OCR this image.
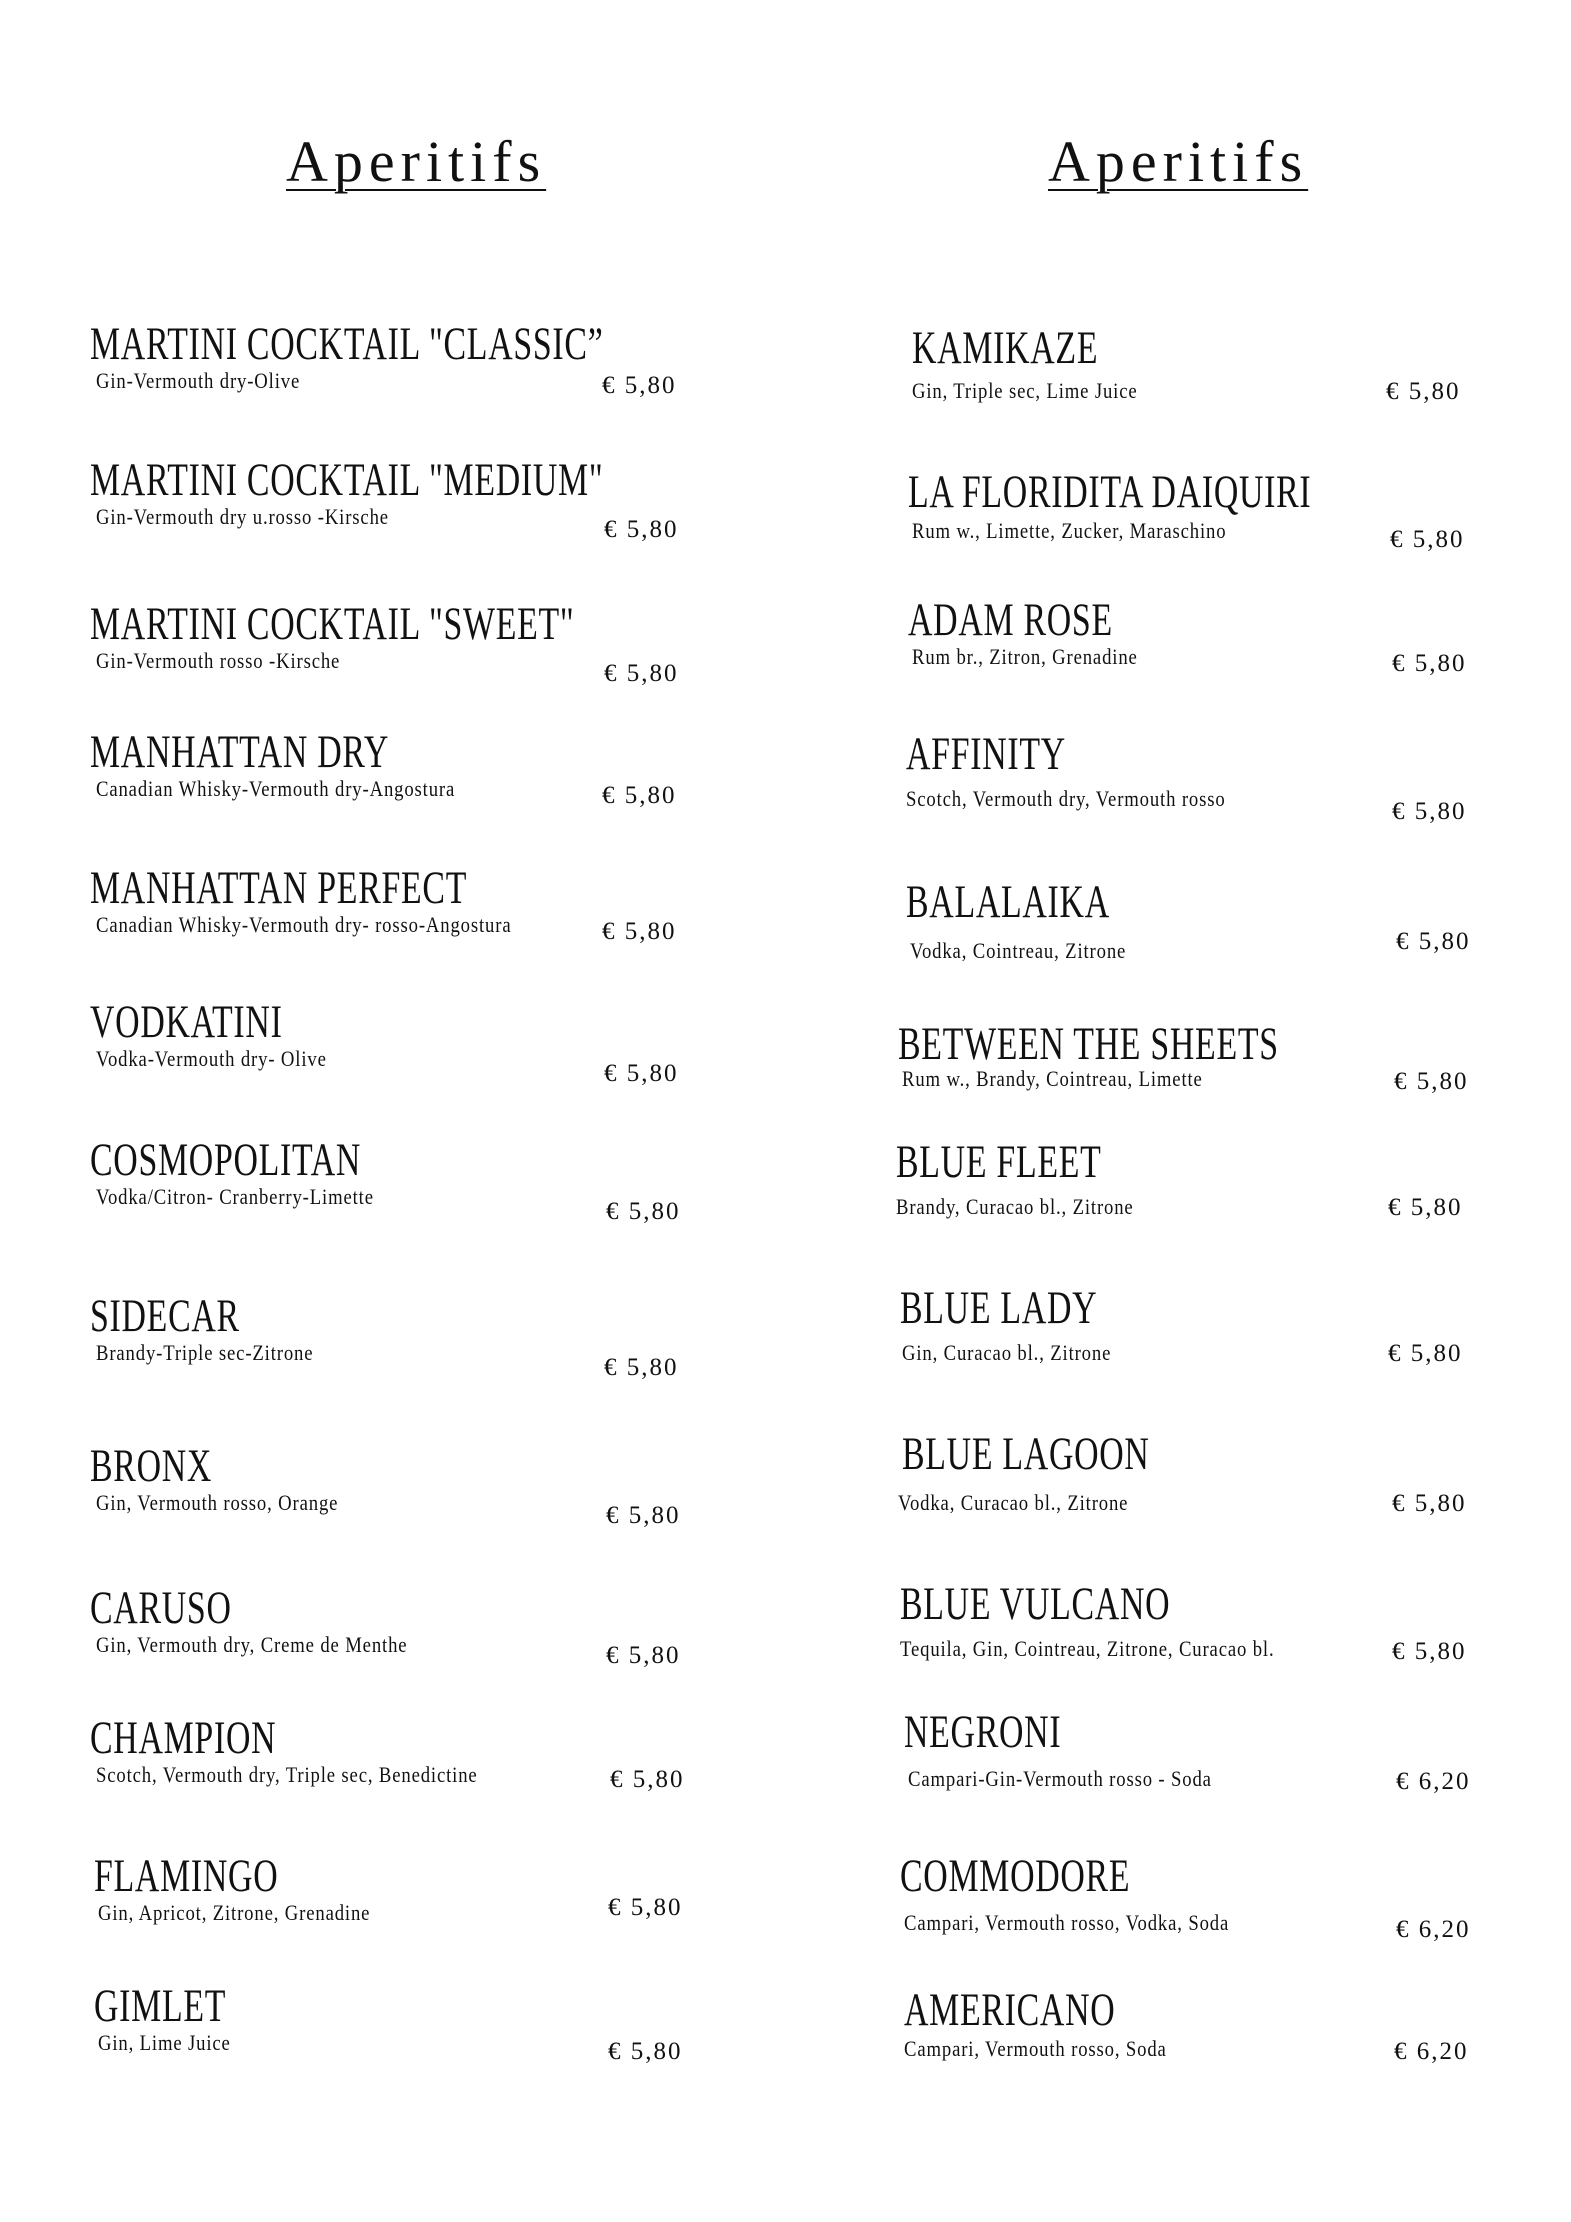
Aperitifs
MARTINI COCKTAIL "CLASSIC”
Gin-Vermouth dry-Olive	€ 5,80
MARTINI COCKTAIL "MEDIUM"
Gin-Vermouth dry u.rosso -Kirsche	€ 5,80
MARTINI COCKTAIL "SWEET"
Gin-Vermouth rosso -Kirsche	€ 5,80
MANHATTAN DRY
Canadian Whisky-Vermouth dry-Angostura	€ 5,80
MANHATTAN PERFECT
Canadian Whisky-Vermouth dry- rosso-Angostura	€ 5,80
VODKATINI
Vodka-Vermouth dry- Olive
€ 5,80
COSMOPOLITAN
Vodka/Citron- Cranberry-Limette
€ 5,80
SIDECAR
Brandy-Triple sec-Zitrone
€ 5,80
BRONX
Gin, Vermouth rosso, Orange	€ 5,80
CARUSO
Gin, Vermouth dry, Creme de Menthe	€ 5,80
CHAMPION
Scotch, Vermouth dry, Triple sec, Benedictine	€ 5,80
FLAMINGO
Gin, Apricot, Zitrone, Grenadine	€ 5,80
GIMLET
Gin, Lime Juice	€ 5,80
Aperitifs
KAMIKAZE
Gin, Triple sec, Lime Juice	€ 5,80
LA FLORIDITA DAIQUIRI
Rum w., Limette, Zucker, Maraschino	€ 5,80
ADAM ROSE
Rum br., Zitron, Grenadine	€ 5,80
AFFINITY
Scotch, Vermouth dry, Vermouth rosso	€ 5,80
BALALAIKA
Vodka, Cointreau, Zitrone	€ 5,80
BETWEEN THE SHEETS
Rum w., Brandy, Cointreau, Limette	€ 5,80
BLUE FLEET
Brandy, Curacao bl., Zitrone	€ 5,80
BLUE LADY
Gin, Curacao bl., Zitrone	€ 5,80
BLUE LAGOON
Vodka, Curacao bl., Zitrone	€ 5,80
BLUE VULCANO
Tequila, Gin, Cointreau, Zitrone, Curacao bl.	€ 5,80
NEGRONI
Campari-Gin-Vermouth rosso - Soda	€ 6,20
COMMODORE
Campari, Vermouth rosso, Vodka, Soda	€ 6,20
AMERICANO
Campari, Vermouth rosso, Soda	€ 6,20
